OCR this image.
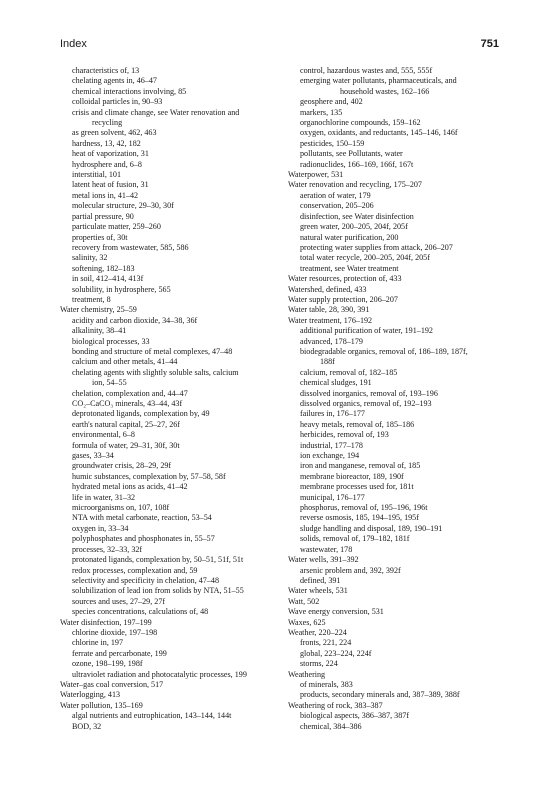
Index	751
characteristics of, 13
chelating agents in, 46–47
chemical interactions involving, 85
colloidal particles in, 90–93
crisis and climate change, see Water renovation and
recycling
as green solvent, 462, 463
hardness, 13, 42, 182
heat of vaporization, 31
hydrosphere and, 6–8
interstitial, 101
latent heat of fusion, 31
metal ions in, 41–42
molecular structure, 29–30, 30f
partial pressure, 90
particulate matter, 259–260
properties of, 30t
recovery from wastewater, 585, 586
salinity, 32
softening, 182–183
in soil, 412–414, 413f
solubility, in hydrosphere, 565
treatment, 8
Water chemistry, 25–59
acidity and carbon dioxide, 34–38, 36f
alkalinity, 38–41
biological processes, 33
bonding and structure of metal complexes, 47–48
calcium and other metals, 41–44
chelating agents with slightly soluble salts, calcium
ion, 54–55
chelation, complexation and, 44–47
CO₂–CaCO₃ minerals, 43–44, 43f
deprotonated ligands, complexation by, 49
earth's natural capital, 25–27, 26f
environmental, 6–8
formula of water, 29–31, 30f, 30t
gases, 33–34
groundwater crisis, 28–29, 29f
humic substances, complexation by, 57–58, 58f
hydrated metal ions as acids, 41–42
life in water, 31–32
microorganisms on, 107, 108f
NTA with metal carbonate, reaction, 53–54
oxygen in, 33–34
polyphosphates and phosphonates in, 55–57
processes, 32–33, 32f
protonated ligands, complexation by, 50–51, 51f, 51t
redox processes, complexation and, 59
selectivity and specificity in chelation, 47–48
solubilization of lead ion from solids by NTA, 51–55
sources and uses, 27–29, 27f
species concentrations, calculations of, 48
Water disinfection, 197–199
chlorine dioxide, 197–198
chlorine in, 197
ferrate and percarbonate, 199
ozone, 198–199, 198f
ultraviolet radiation and photocatalytic processes, 199
Water–gas coal conversion, 517
Waterlogging, 413
Water pollution, 135–169
algal nutrients and eutrophication, 143–144, 144t
BOD, 32
control, hazardous wastes and, 555, 555f
emerging water pollutants, pharmaceuticals, and
household wastes, 162–166
geosphere and, 402
markers, 135
organochlorine compounds, 159–162
oxygen, oxidants, and reductants, 145–146, 146f
pesticides, 150–159
pollutants, see Pollutants, water
radionuclides, 166–169, 166f, 167t
Waterpower, 531
Water renovation and recycling, 175–207
aeration of water, 179
conservation, 205–206
disinfection, see Water disinfection
green water, 200–205, 204f, 205f
natural water purification, 200
protecting water supplies from attack, 206–207
total water recycle, 200–205, 204f, 205f
treatment, see Water treatment
Water resources, protection of, 433
Watershed, defined, 433
Water supply protection, 206–207
Water table, 28, 390, 391
Water treatment, 176–192
additional purification of water, 191–192
advanced, 178–179
biodegradable organics, removal of, 186–189, 187f,
188f
calcium, removal of, 182–185
chemical sludges, 191
dissolved inorganics, removal of, 193–196
dissolved organics, removal of, 192–193
failures in, 176–177
heavy metals, removal of, 185–186
herbicides, removal of, 193
industrial, 177–178
ion exchange, 194
iron and manganese, removal of, 185
membrane bioreactor, 189, 190f
membrane processes used for, 181t
municipal, 176–177
phosphorus, removal of, 195–196, 196t
reverse osmosis, 185, 194–195, 195f
sludge handling and disposal, 189, 190–191
solids, removal of, 179–182, 181f
wastewater, 178
Water wells, 391–392
arsenic problem and, 392, 392f
defined, 391
Water wheels, 531
Watt, 502
Wave energy conversion, 531
Waxes, 625
Weather, 220–224
fronts, 221, 224
global, 223–224, 224f
storms, 224
Weathering
of minerals, 383
products, secondary minerals and, 387–389, 388f
Weathering of rock, 383–387
biological aspects, 386–387, 387f
chemical, 384–386
